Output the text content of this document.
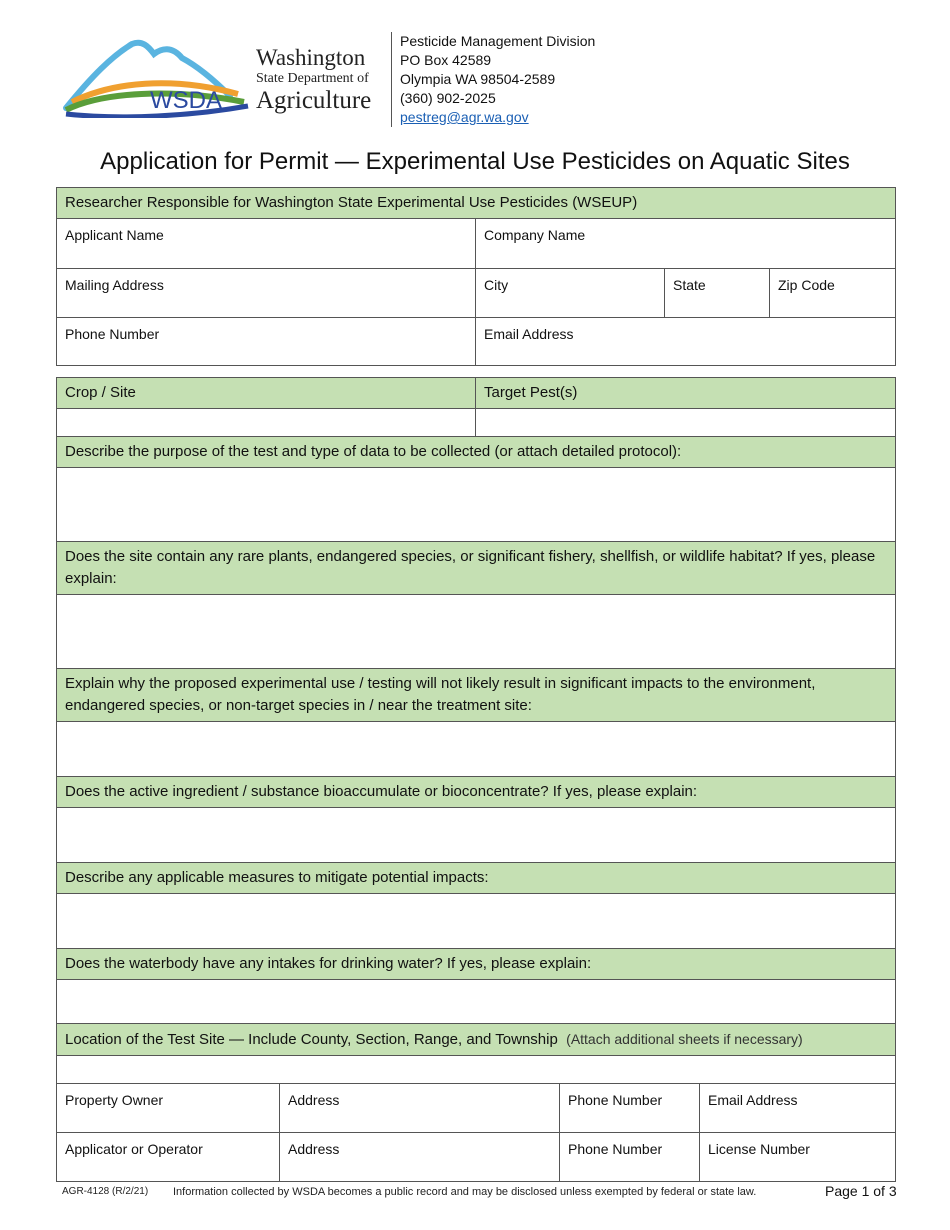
WSDA
Washington
State Department of
Agriculture
Pesticide Management Division
PO Box 42589
Olympia WA 98504-2589
(360) 902-2025
pestreg@agr.wa.gov
Application for Permit — Experimental Use Pesticides on Aquatic Sites
Researcher Responsible for Washington State Experimental Use Pesticides (WSEUP)			
Applicant Name	Company Name		
Mailing Address	City	State	Zip Code
Phone Number	Email Address		
Crop / Site	Target Pest(s)

Describe the purpose of the test and type of data to be collected (or attach detailed protocol):	

Does the site contain any rare plants, endangered species, or significant fishery, shellfish, or wildlife habitat? If yes, please explain:	

Explain why the proposed experimental use / testing will not likely result in significant impacts to the environment, endangered species, or non-target species in / near the treatment site:	

Does the active ingredient / substance bioaccumulate or bioconcentrate? If yes, please explain:	

Describe any applicable measures to mitigate potential impacts:	

Does the waterbody have any intakes for drinking water? If yes, please explain:	

Location of the Test Site — Include County, Section, Range, and Township (Attach additional sheets if necessary)			

Property Owner	Address	Phone Number	Email Address
Applicator or Operator	Address	Phone Number	License Number
AGR-4128 (R/2/21) Information collected by WSDA becomes a public record and may be disclosed unless exempted by federal or state law.	Page 1 of 3
